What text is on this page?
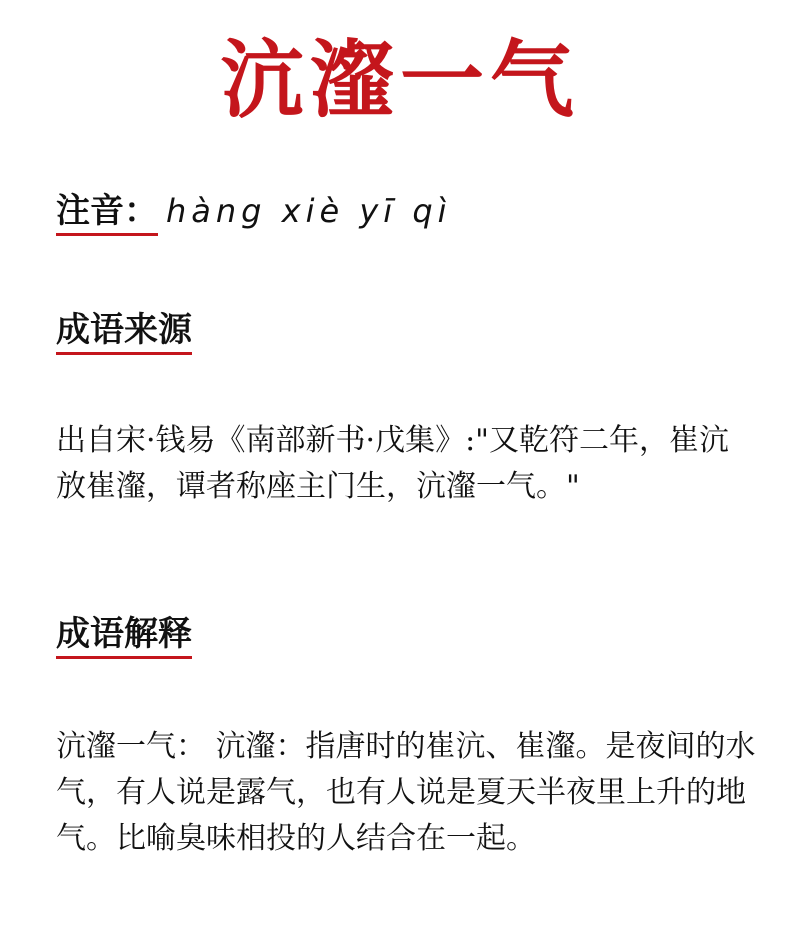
沆瀣一气
注音： hàng xiè yī qì
成语来源
出自宋·钱易《南部新书·戊集》:"又乾符二年，崔沆放崔瀣，谭者称座主门生，沆瀣一气。"
成语解释
沆瀣一气： 沆瀣：指唐时的崔沆、崔瀣。是夜间的水气，有人说是露气，也有人说是夏天半夜里上升的地气。比喻臭味相投的人结合在一起。
